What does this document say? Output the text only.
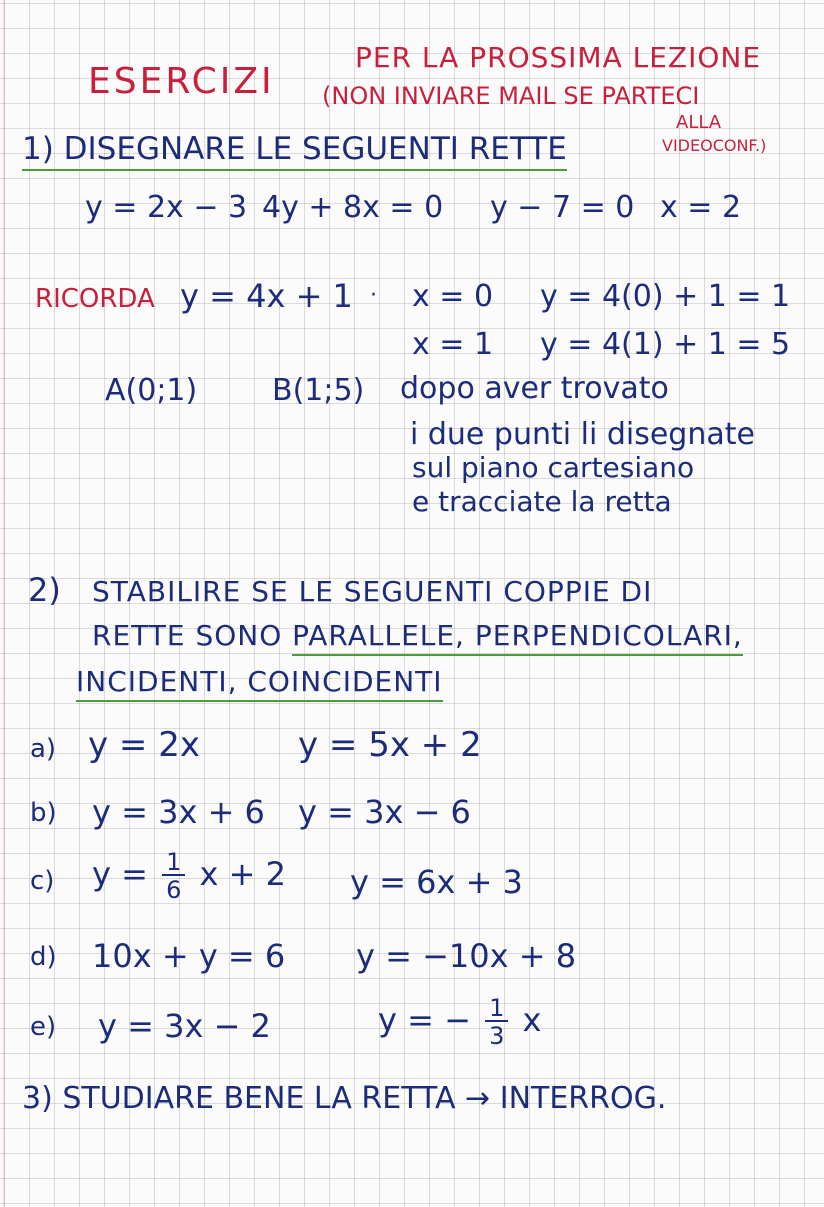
ESERCIZI
PER LA PROSSIMA LEZIONE
(NON INVIARE MAIL SE PARTECI
ALLA
VIDEOCONF.)
1) DISEGNARE LE SEGUENTI RETTE
y = 2x − 3 4y + 8x = 0 y − 7 = 0 x = 2
RICORDA y = 4x + 1 · x = 0 y = 4(0) + 1 = 1
x = 1 y = 4(1) + 1 = 5
A(0;1) B(1;5) dopo aver trovato
i due punti li disegnate
sul piano cartesiano
e tracciate la retta
2) STABILIRE SE LE SEGUENTI COPPIE DI
RETTE SONO PARALLELE, PERPENDICOLARI,
INCIDENTI, COINCIDENTI
a) y = 2x	y = 5x + 2
b) y = 3x + 6 y = 3x − 6
c) $y = \frac{1}{6}$ x + 2 y = 6x + 3
d) 10x + y = 6 y = −10x + 8
e) y = 3x − 2	y = − $\frac{1}{3}$ x
3) STUDIARE BENE LA RETTA → INTERROG.
